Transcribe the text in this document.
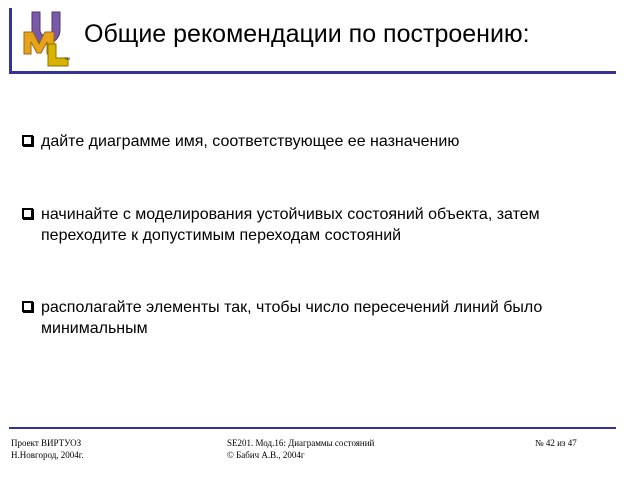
TM
Общие рекомендации по построению:
дайте диаграмме имя, соответствующее ее назначению
начинайте с моделирования устойчивых состояний объекта, затем
переходите к допустимым переходам состояний
располагайте элементы так, чтобы число пересечений линий было
минимальным
Проект ВИРТУОЗ
Н.Новгород, 2004г.
SE201. Мод.16: Диаграммы состояний
© Бабич А.В., 2004г
№ 42 из 47
